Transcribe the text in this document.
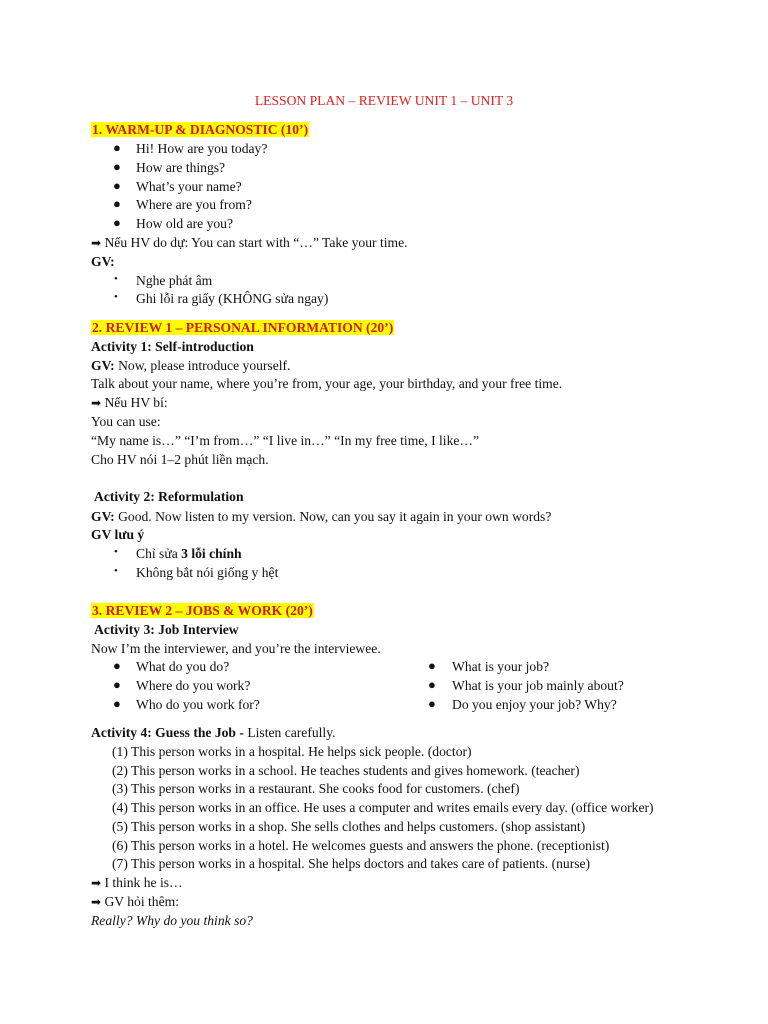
LESSON PLAN – REVIEW UNIT 1 – UNIT 3
1. WARM-UP & DIAGNOSTIC (10’)
● Hi! How are you today?
● How are things?
● What’s your name?
● Where are you from?
● How old are you?
➡ Nếu HV do dự: You can start with “…” Take your time.
GV:
• Nghe phát âm
• Ghi lỗi ra giấy (KHÔNG sửa ngay)
2. REVIEW 1 – PERSONAL INFORMATION (20’)
Activity 1: Self-introduction
GV: Now, please introduce yourself.
Talk about your name, where you’re from, your age, your birthday, and your free time.
➡ Nếu HV bí:
You can use:
“My name is…” “I’m from…” “I live in…” “In my free time, I like…”
Cho HV nói 1–2 phút liền mạch.
Activity 2: Reformulation
GV: Good. Now listen to my version. Now, can you say it again in your own words?
GV lưu ý
• Chỉ sửa 3 lỗi chính
• Không bắt nói giống y hệt
3. REVIEW 2 – JOBS & WORK (20’)
Activity 3: Job Interview
Now I’m the interviewer, and you’re the interviewee.
● What do you do?
● Where do you work?
● Who do you work for?
● What is your job?
● What is your job mainly about?
● Do you enjoy your job? Why?
Activity 4: Guess the Job - Listen carefully.
(1) This person works in a hospital. He helps sick people. (doctor)
(2) This person works in a school. He teaches students and gives homework. (teacher)
(3) This person works in a restaurant. She cooks food for customers. (chef)
(4) This person works in an office. He uses a computer and writes emails every day. (office worker)
(5) This person works in a shop. She sells clothes and helps customers. (shop assistant)
(6) This person works in a hotel. He welcomes guests and answers the phone. (receptionist)
(7) This person works in a hospital. She helps doctors and takes care of patients. (nurse)
➡ I think he is…
➡ GV hỏi thêm:
Really? Why do you think so?
